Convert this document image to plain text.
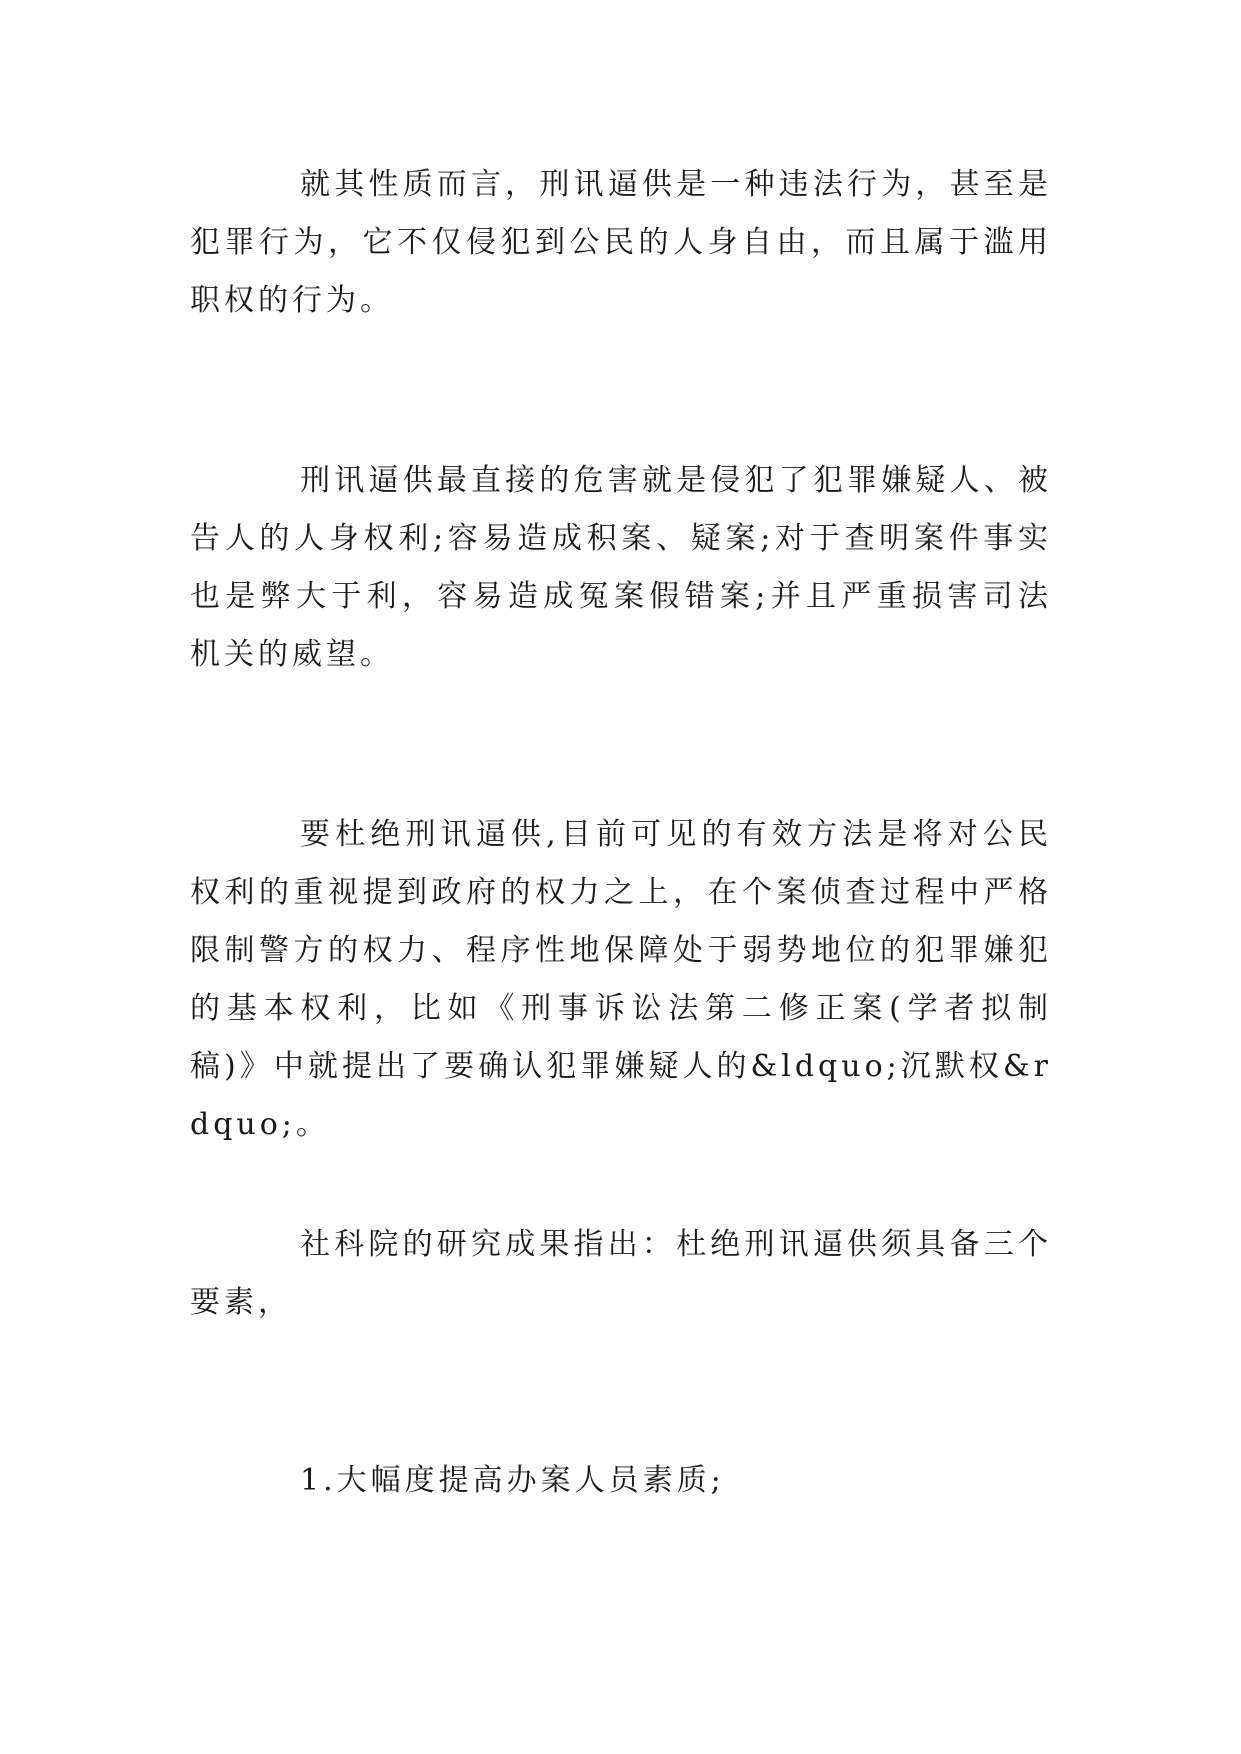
就其性质而言，刑讯逼供是一种违法行为，甚至是犯罪行为，它不仅侵犯到公民的人身自由，而且属于滥用职权的行为。

刑讯逼供最直接的危害就是侵犯了犯罪嫌疑人、被告人的人身权利;容易造成积案、疑案;对于查明案件事实也是弊大于利，容易造成冤案假错案;并且严重损害司法机关的威望。

要杜绝刑讯逼供,目前可见的有效方法是将对公民权利的重视提到政府的权力之上，在个案侦查过程中严格限制警方的权力、程序性地保障处于弱势地位的犯罪嫌犯的基本权利，比如《刑事诉讼法第二修正案(学者拟制稿)》中就提出了要确认犯罪嫌疑人的&ldquo;沉默权&rdquo;。

社科院的研究成果指出：杜绝刑讯逼供须具备三个要素，

1.大幅度提高办案人员素质;
